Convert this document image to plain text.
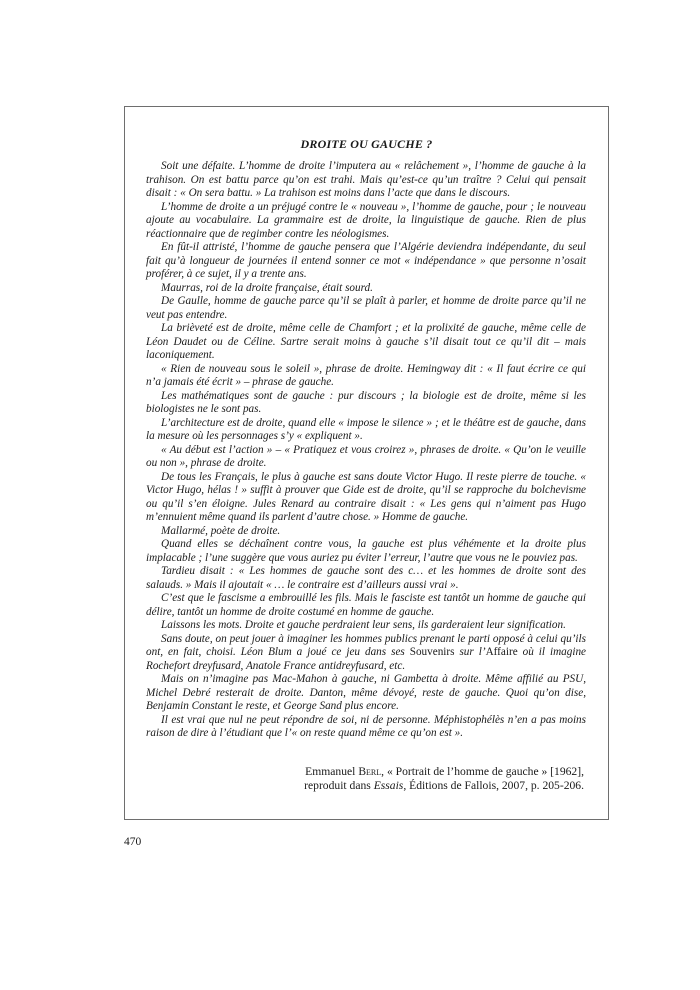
DROITE OU GAUCHE ?

Soit une défaite. L’homme de droite l’imputera au « relâchement », l’homme de gauche à la trahison. On est battu parce qu’on est trahi. Mais qu’est-ce qu’un traître ? Celui qui pensait disait : « On sera battu. » La trahison est moins dans l’acte que dans le discours.

L’homme de droite a un préjugé contre le « nouveau », l’homme de gauche, pour ; le nouveau ajoute au vocabulaire. La grammaire est de droite, la linguistique de gauche. Rien de plus réactionnaire que de regimber contre les néologismes.

En fût-il attristé, l’homme de gauche pensera que l’Algérie deviendra indépendante, du seul fait qu’à longueur de journées il entend sonner ce mot « indépendance » que personne n’osait proférer, à ce sujet, il y a trente ans.

Maurras, roi de la droite française, était sourd.

De Gaulle, homme de gauche parce qu’il se plaît à parler, et homme de droite parce qu’il ne veut pas entendre.

La brièveté est de droite, même celle de Chamfort ; et la prolixité de gauche, même celle de Léon Daudet ou de Céline. Sartre serait moins à gauche s’il disait tout ce qu’il dit – mais laconiquement.

« Rien de nouveau sous le soleil », phrase de droite. Hemingway dit : « Il faut écrire ce qui n’a jamais été écrit » – phrase de gauche.

Les mathématiques sont de gauche : pur discours ; la biologie est de droite, même si les biologistes ne le sont pas.

L’architecture est de droite, quand elle « impose le silence » ; et le théâtre est de gauche, dans la mesure où les personnages s’y « expliquent ».

« Au début est l’action » – « Pratiquez et vous croirez », phrases de droite. « Qu’on le veuille ou non », phrase de droite.

De tous les Français, le plus à gauche est sans doute Victor Hugo. Il reste pierre de touche. « Victor Hugo, hélas ! » suffit à prouver que Gide est de droite, qu’il se rapproche du bolchevisme ou qu’il s’en éloigne. Jules Renard au contraire disait : « Les gens qui n’aiment pas Hugo m’ennuient même quand ils parlent d’autre chose. » Homme de gauche.

Mallarmé, poète de droite.

Quand elles se déchaînent contre vous, la gauche est plus véhémente et la droite plus implacable ; l’une suggère que vous auriez pu éviter l’erreur, l’autre que vous ne le pouviez pas.

Tardieu disait : « Les hommes de gauche sont des c… et les hommes de droite sont des salauds. » Mais il ajoutait « … le contraire est d’ailleurs aussi vrai ».

C’est que le fascisme a embrouillé les fils. Mais le fasciste est tantôt un homme de gauche qui délire, tantôt un homme de droite costumé en homme de gauche.

Laissons les mots. Droite et gauche perdraient leur sens, ils garderaient leur signification.

Sans doute, on peut jouer à imaginer les hommes publics prenant le parti opposé à celui qu’ils ont, en fait, choisi. Léon Blum a joué ce jeu dans ses Souvenirs sur l’Affaire où il imagine Rochefort dreyfusard, Anatole France antidreyfusard, etc.

Mais on n’imagine pas Mac-Mahon à gauche, ni Gambetta à droite. Même affilié au PSU, Michel Debré resterait de droite. Danton, même dévoyé, reste de gauche. Quoi qu’on dise, Benjamin Constant le reste, et George Sand plus encore.

Il est vrai que nul ne peut répondre de soi, ni de personne. Méphistophélès n’en a pas moins raison de dire à l’étudiant que l’« on reste quand même ce qu’on est ».

Emmanuel Berl, « Portrait de l’homme de gauche » [1962],
reproduit dans Essais, Éditions de Fallois, 2007, p. 205-206.
470
